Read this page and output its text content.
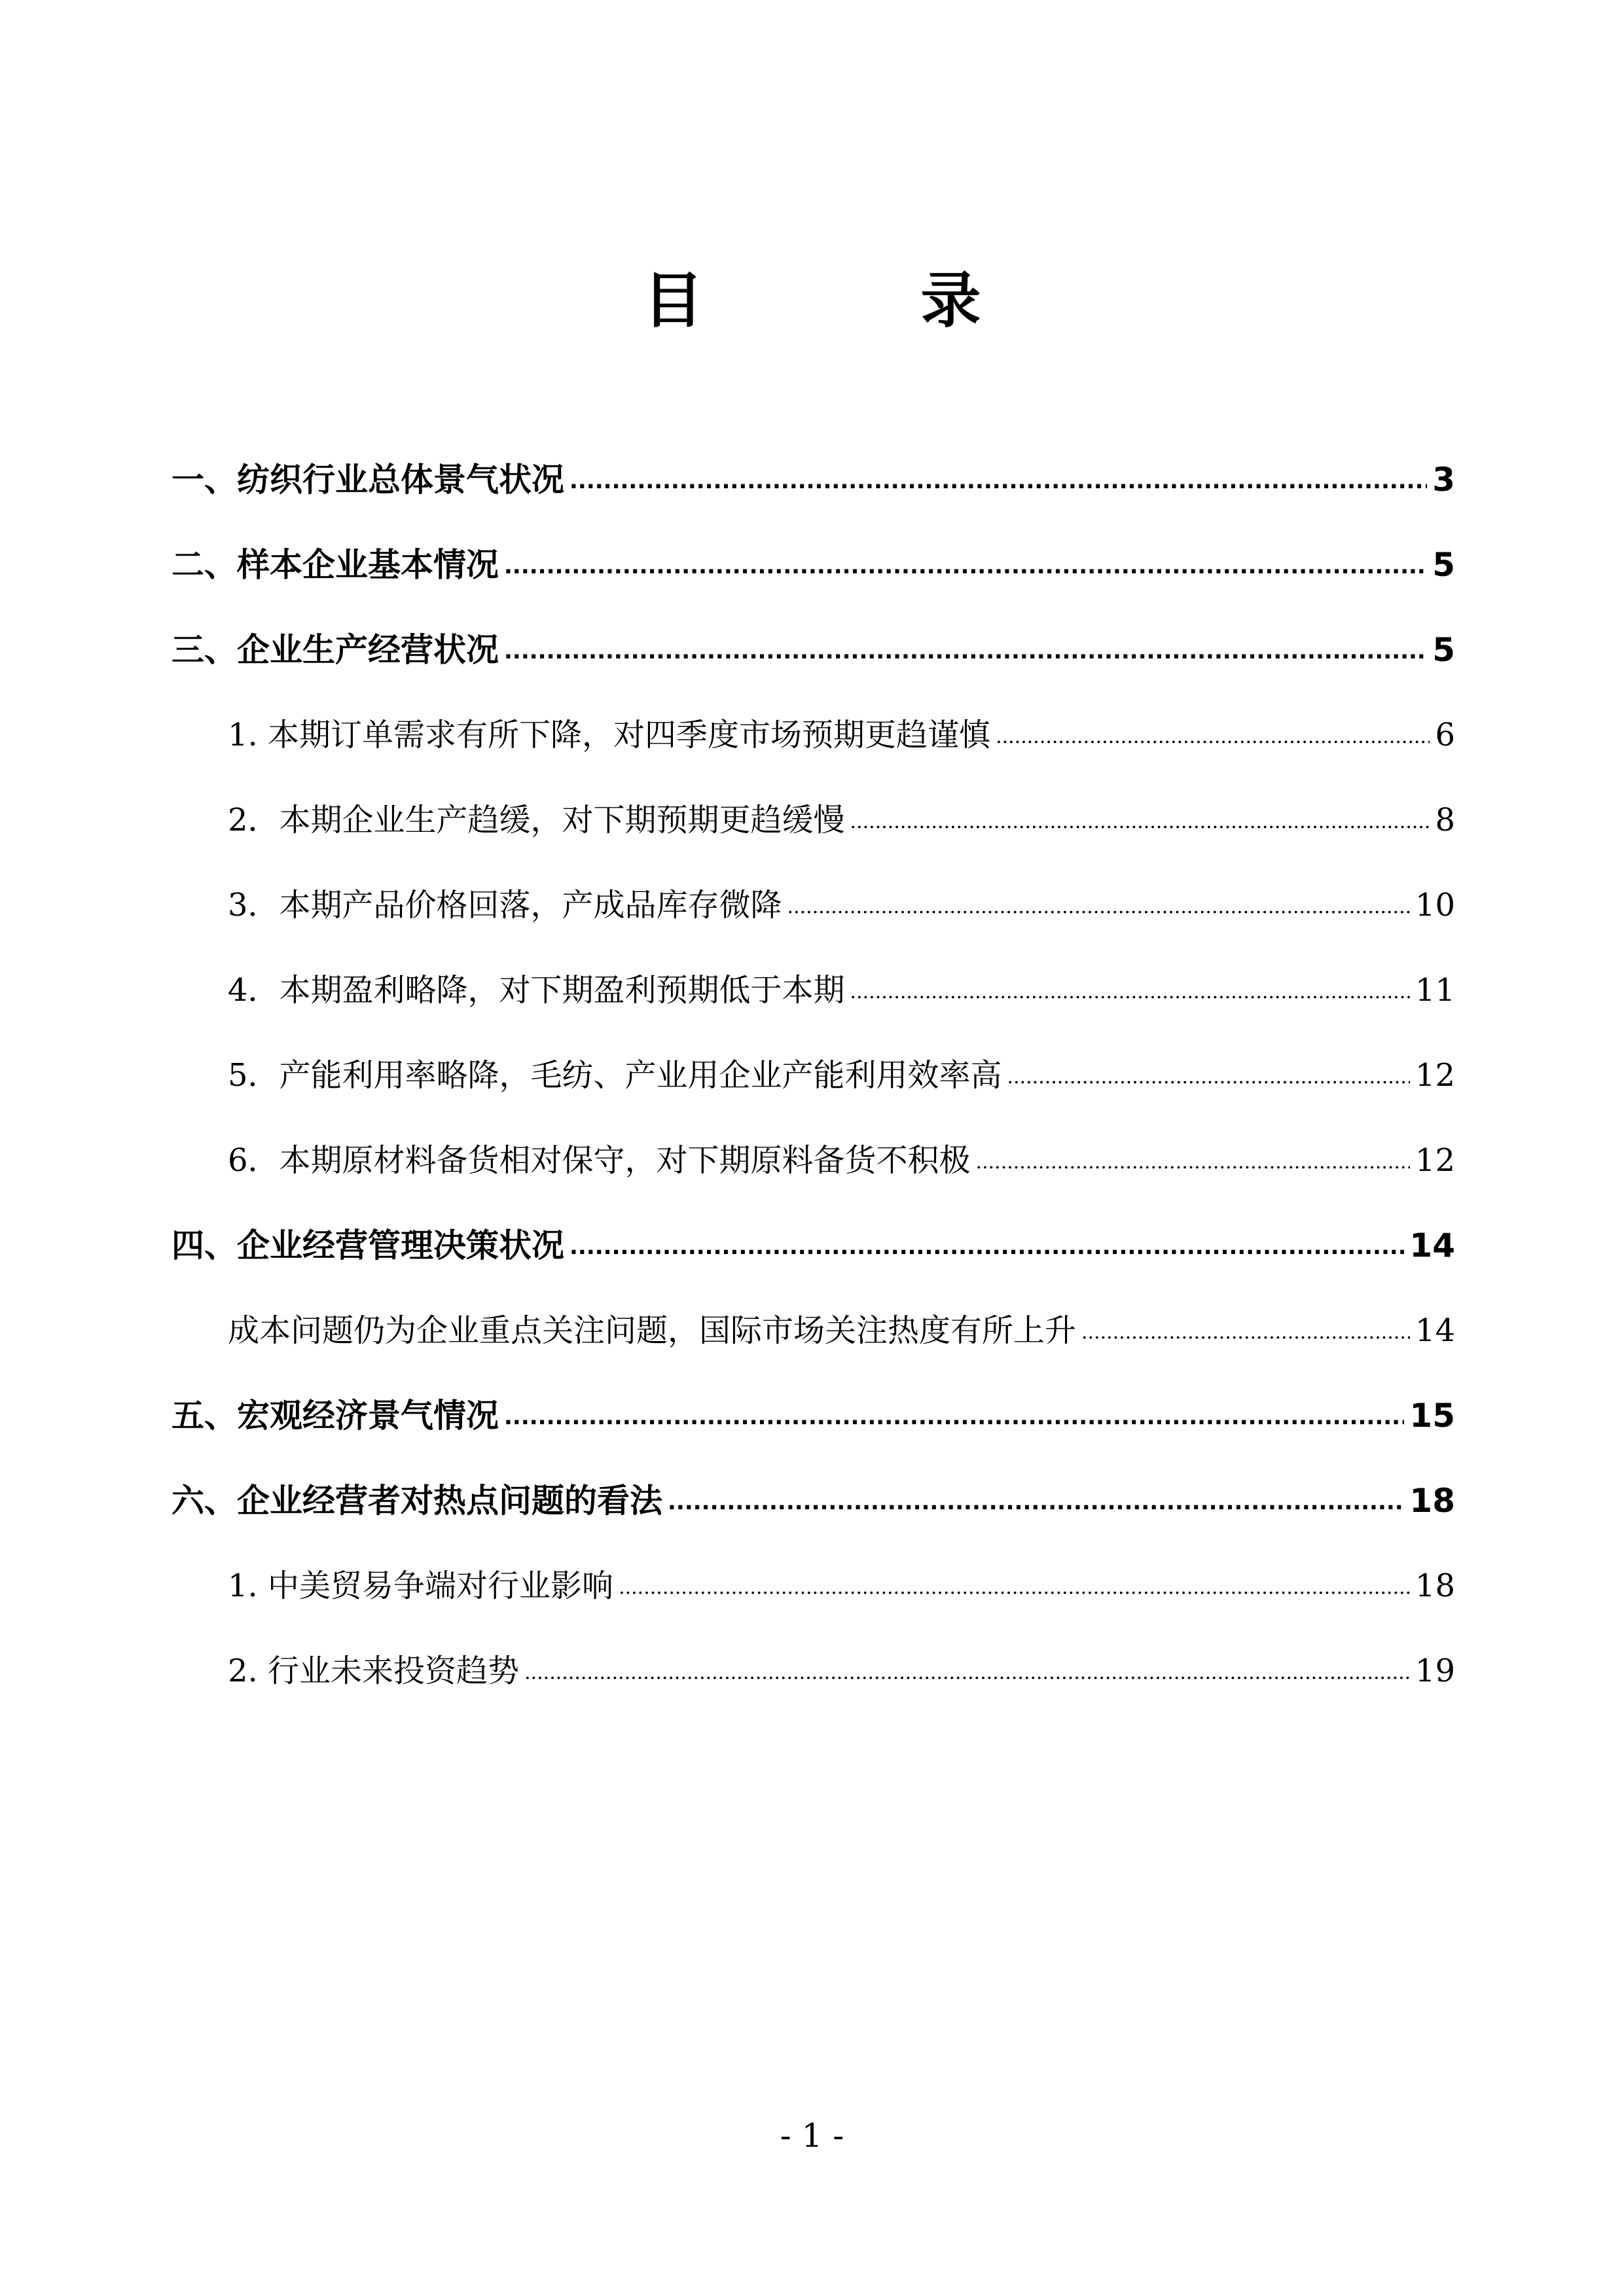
目 录
一、纺织行业总体景气状况 .....	3
二、样本企业基本情况 .....	5
三、企业生产经营状况 .....	5
1. 本期订单需求有所下降，对四季度市场预期更趋谨慎 .....	6
2．本期企业生产趋缓，对下期预期更趋缓慢 .....	8
3．本期产品价格回落，产成品库存微降 .....	10
4．本期盈利略降，对下期盈利预期低于本期 .....	11
5．产能利用率略降，毛纺、产业用企业产能利用效率高 .....	12
6．本期原材料备货相对保守，对下期原料备货不积极 .....	12
四、企业经营管理决策状况 .....	14
成本问题仍为企业重点关注问题，国际市场关注热度有所上升 .....	14
五、宏观经济景气情况 .....	15
六、企业经营者对热点问题的看法 .....	18
1. 中美贸易争端对行业影响 .....	18
2. 行业未来投资趋势 .....	19
- 1 -
